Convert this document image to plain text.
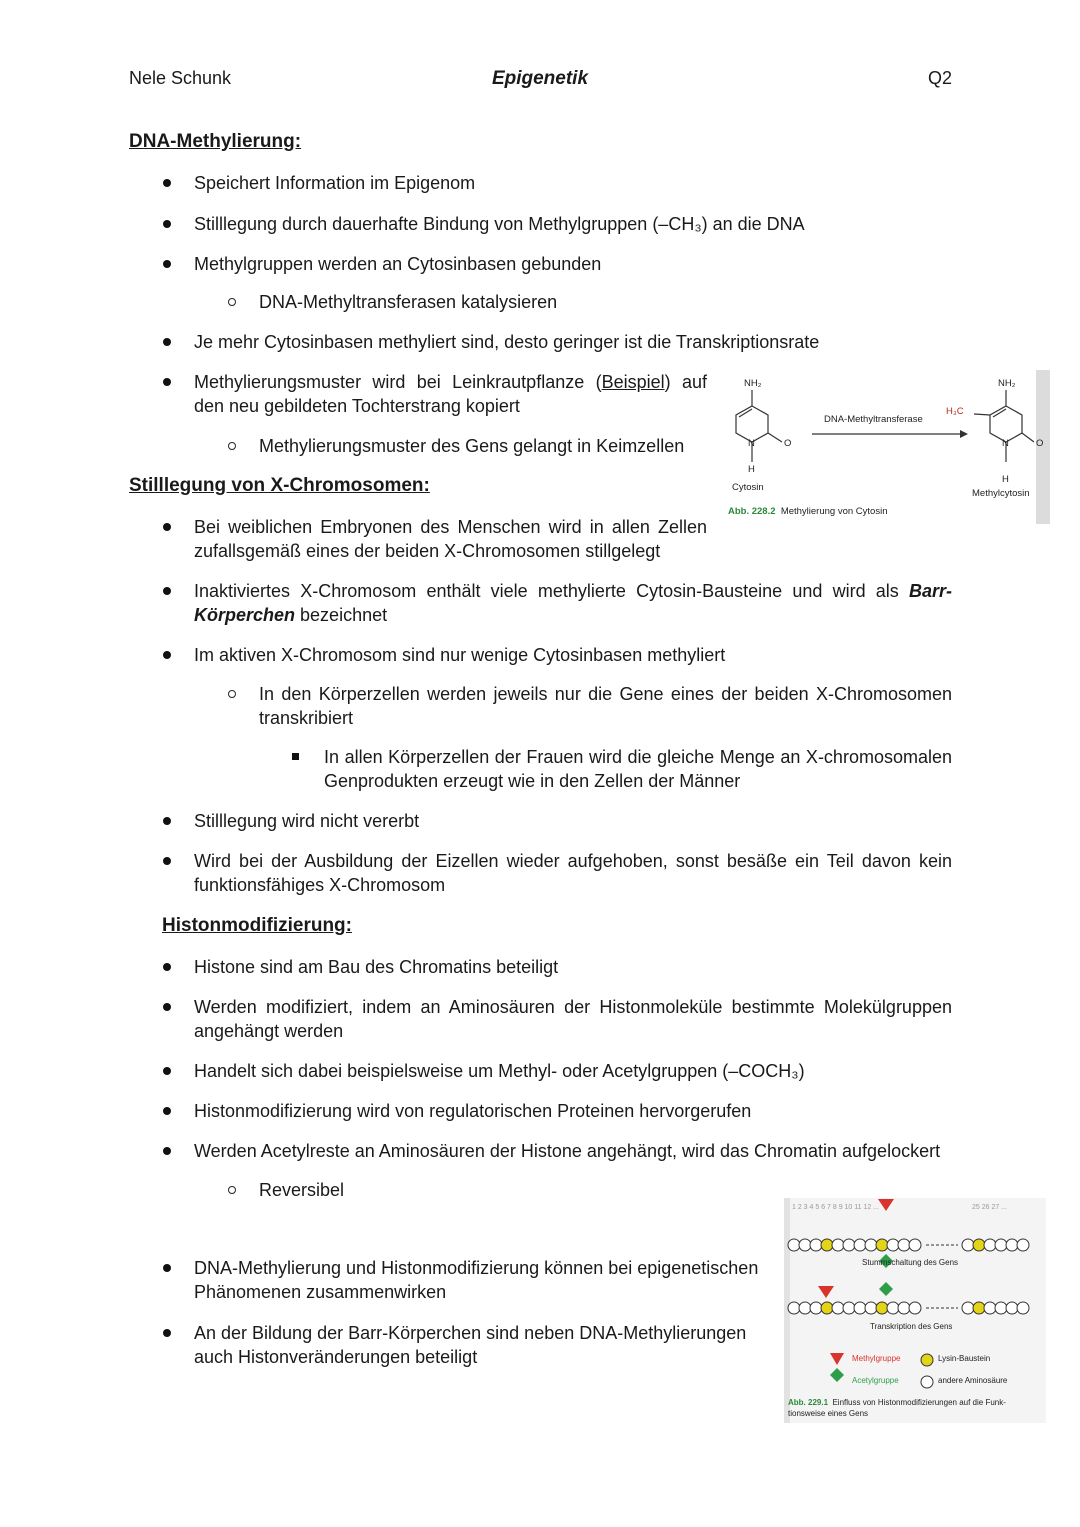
Nele Schunk	Epigenetik	Q2
DNA-Methylierung:
Speichert Information im Epigenom
Stilllegung durch dauerhafte Bindung von Methylgruppen (–CH₃) an die DNA
Methylgruppen werden an Cytosinbasen gebunden
DNA-Methyltransferasen katalysieren
Je mehr Cytosinbasen methyliert sind, desto geringer ist die Transkriptionsrate
Methylierungsmuster wird bei Leinkrautpflanze (Beispiel) auf den neu gebildeten Tochterstrang kopiert
Methylierungsmuster des Gens gelangt in Keimzellen
NH₂
N	O
H
DNA-Methyltransferase
H₃C
NH₂
N	O
H
Cytosin
Methylcytosin
Abb. 228.2 Methylierung von Cytosin
Stilllegung von X-Chromosomen:
Bei weiblichen Embryonen des Menschen wird in allen Zellen zufallsgemäß eines der beiden X-Chromosomen stillgelegt
Inaktiviertes X-Chromosom enthält viele methylierte Cytosin-Bausteine und wird als Barr-Körperchen bezeichnet
Im aktiven X-Chromosom sind nur wenige Cytosinbasen methyliert
In den Körperzellen werden jeweils nur die Gene eines der beiden X-Chromosomen transkribiert
In allen Körperzellen der Frauen wird die gleiche Menge an X-chromosomalen Genprodukten erzeugt wie in den Zellen der Männer
Stilllegung wird nicht vererbt
Wird bei der Ausbildung der Eizellen wieder aufgehoben, sonst besäße ein Teil davon kein funktionsfähiges X-Chromosom
Histonmodifizierung:
Histone sind am Bau des Chromatins beteiligt
Werden modifiziert, indem an Aminosäuren der Histonmoleküle bestimmte Molekülgruppen angehängt werden
Handelt sich dabei beispielsweise um Methyl- oder Acetylgruppen (–COCH₃)
Histonmodifizierung wird von regulatorischen Proteinen hervorgerufen
Werden Acetylreste an Aminosäuren der Histone angehängt, wird das Chromatin aufgelockert
Reversibel
DNA-Methylierung und Histonmodifizierung können bei epigenetischen Phänomenen zusammenwirken
An der Bildung der Barr-Körperchen sind neben DNA-Methylierungen auch Histonveränderungen beteiligt
1 2 3 4 5 6 7 8 9 10 11 12 ...	25 26 27 ...
Stummschaltung des Gens
Transkription des Gens
Methylgruppe
Acetylgruppe
Lysin-Baustein
andere Aminosäure
Abb. 229.1 Einfluss von Histonmodifizierungen auf die Funk-tionsweise eines Gens
